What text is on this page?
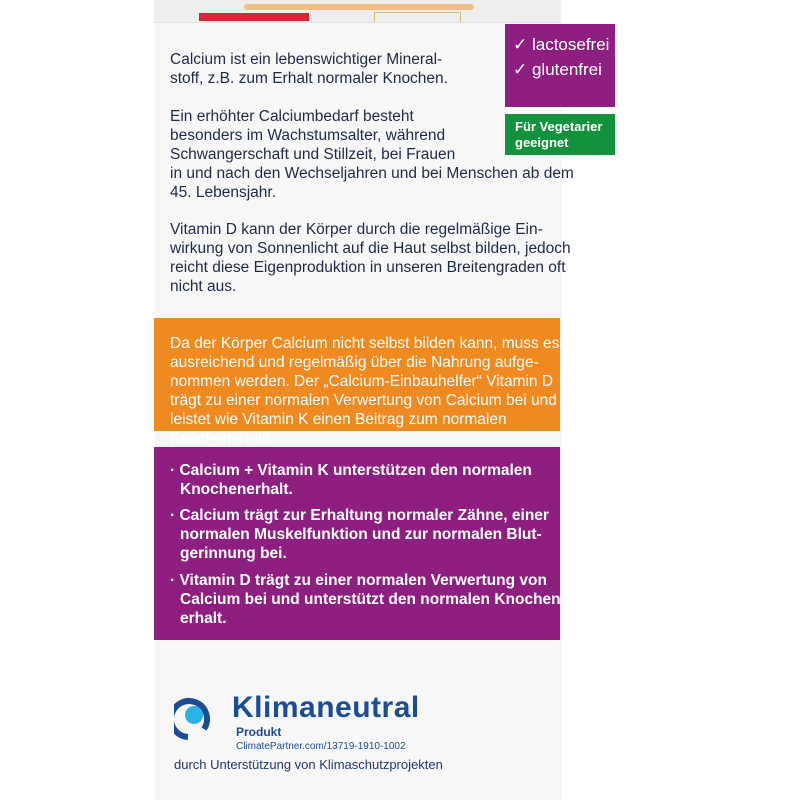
Calcium ist ein lebenswichtiger Mineral-
stoff, z.B. zum Erhalt normaler Knochen.
Ein erhöhter Calciumbedarf besteht
besonders im Wachstumsalter, während
Schwangerschaft und Stillzeit, bei Frauen
in und nach den Wechseljahren und bei Menschen ab dem
45. Lebensjahr.
Vitamin D kann der Körper durch die regelmäßige Ein-
wirkung von Sonnenlicht auf die Haut selbst bilden, jedoch
reicht diese Eigenproduktion in unseren Breitengraden oft
nicht aus.
✓ lactosefrei
✓ glutenfrei
Für Vegetarier
geeignet
Da der Körper Calcium nicht selbst bilden kann, muss es
ausreichend und regelmäßig über die Nahrung aufge-
nommen werden. Der „Calcium-Einbauhelfer“ Vitamin D
trägt zu einer normalen Verwertung von Calcium bei und
leistet wie Vitamin K einen Beitrag zum normalen
Knochenerhalt.
· Calcium + Vitamin K unterstützen den normalen
Knochenerhalt.
· Calcium trägt zur Erhaltung normaler Zähne, einer
normalen Muskelfunktion und zur normalen Blut-
gerinnung bei.
· Vitamin D trägt zu einer normalen Verwertung von
Calcium bei und unterstützt den normalen Knochen-
erhalt.
Klimaneutral
Produkt
ClimatePartner.com/13719-1910-1002
durch Unterstützung von Klimaschutzprojekten
